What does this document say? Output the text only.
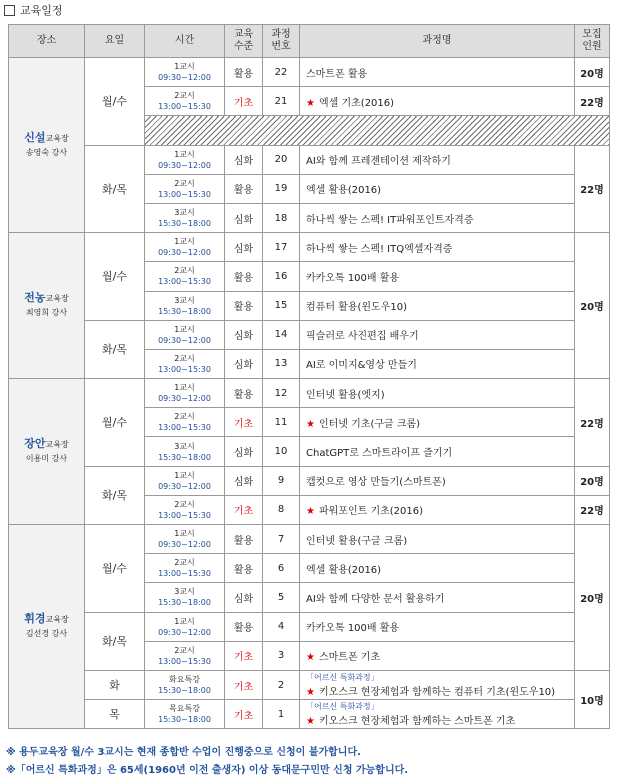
교육일정
장소	요일	시간	교육
수준	과정
번호	과정명	모집
인원
신설교육장
송영숙 강사	월/수	1교시
09:30~12:00	활용	22	스마트폰 활용	20명
		2교시
13:00~15:30	기초	21	★ 엑셀 기초(2016)	22명

	화/목	1교시
09:30~12:00	심화	20	AI와 함께 프레젠테이션 제작하기	22명
		2교시
13:00~15:30	활용	19	엑셀 활용(2016)	
		3교시
15:30~18:00	심화	18	하나씩 쌓는 스펙! IT파워포인트자격증	
전농교육장
최영희 강사	월/수	1교시
09:30~12:00	심화	17	하나씩 쌓는 스펙! ITQ엑셀자격증	20명
		2교시
13:00~15:30	활용	16	카카오톡 100배 활용	
		3교시
15:30~18:00	활용	15	컴퓨터 활용(윈도우10)	
	화/목	1교시
09:30~12:00	심화	14	픽슬러로 사진편집 배우기	
		2교시
13:00~15:30	심화	13	AI로 이미지&영상 만들기	
장안교육장
이용미 강사	월/수	1교시
09:30~12:00	활용	12	인터넷 활용(엣지)	22명
		2교시
13:00~15:30	기초	11	★ 인터넷 기초(구글 크롬)	
		3교시
15:30~18:00	심화	10	ChatGPT로 스마트라이프 즐기기	
	화/목	1교시
09:30~12:00	심화	9	캡컷으로 영상 만들기(스마트폰)	20명
		2교시
13:00~15:30	기초	8	★ 파워포인트 기초(2016)	22명
휘경교육장
김선경 강사	월/수	1교시
09:30~12:00	활용	7	인터넷 활용(구글 크롬)	20명
		2교시
13:00~15:30	활용	6	엑셀 활용(2016)	
		3교시
15:30~18:00	심화	5	AI와 함께 다양한 문서 활용하기	
	화/목	1교시
09:30~12:00	활용	4	카카오톡 100배 활용	
		2교시
13:00~15:30	기초	3	★ 스마트폰 기초	
	화	화요특강
15:30~18:00	기초	2	「어르신 특화과정」
★ 키오스크 현장체험과 함께하는 컴퓨터 기초(윈도우10)	10명
	목	목요특강
15:30~18:00	기초	1	「어르신 특화과정」
★ 키오스크 현장체험과 함께하는 스마트폰 기초	
※ 용두교육장 월/수 3교시는 현재 종합반 수업이 진행중으로 신청이 불가합니다.
※「어르신 특화과정」은 65세(1960년 이전 출생자) 이상 동대문구민만 신청 가능합니다.
